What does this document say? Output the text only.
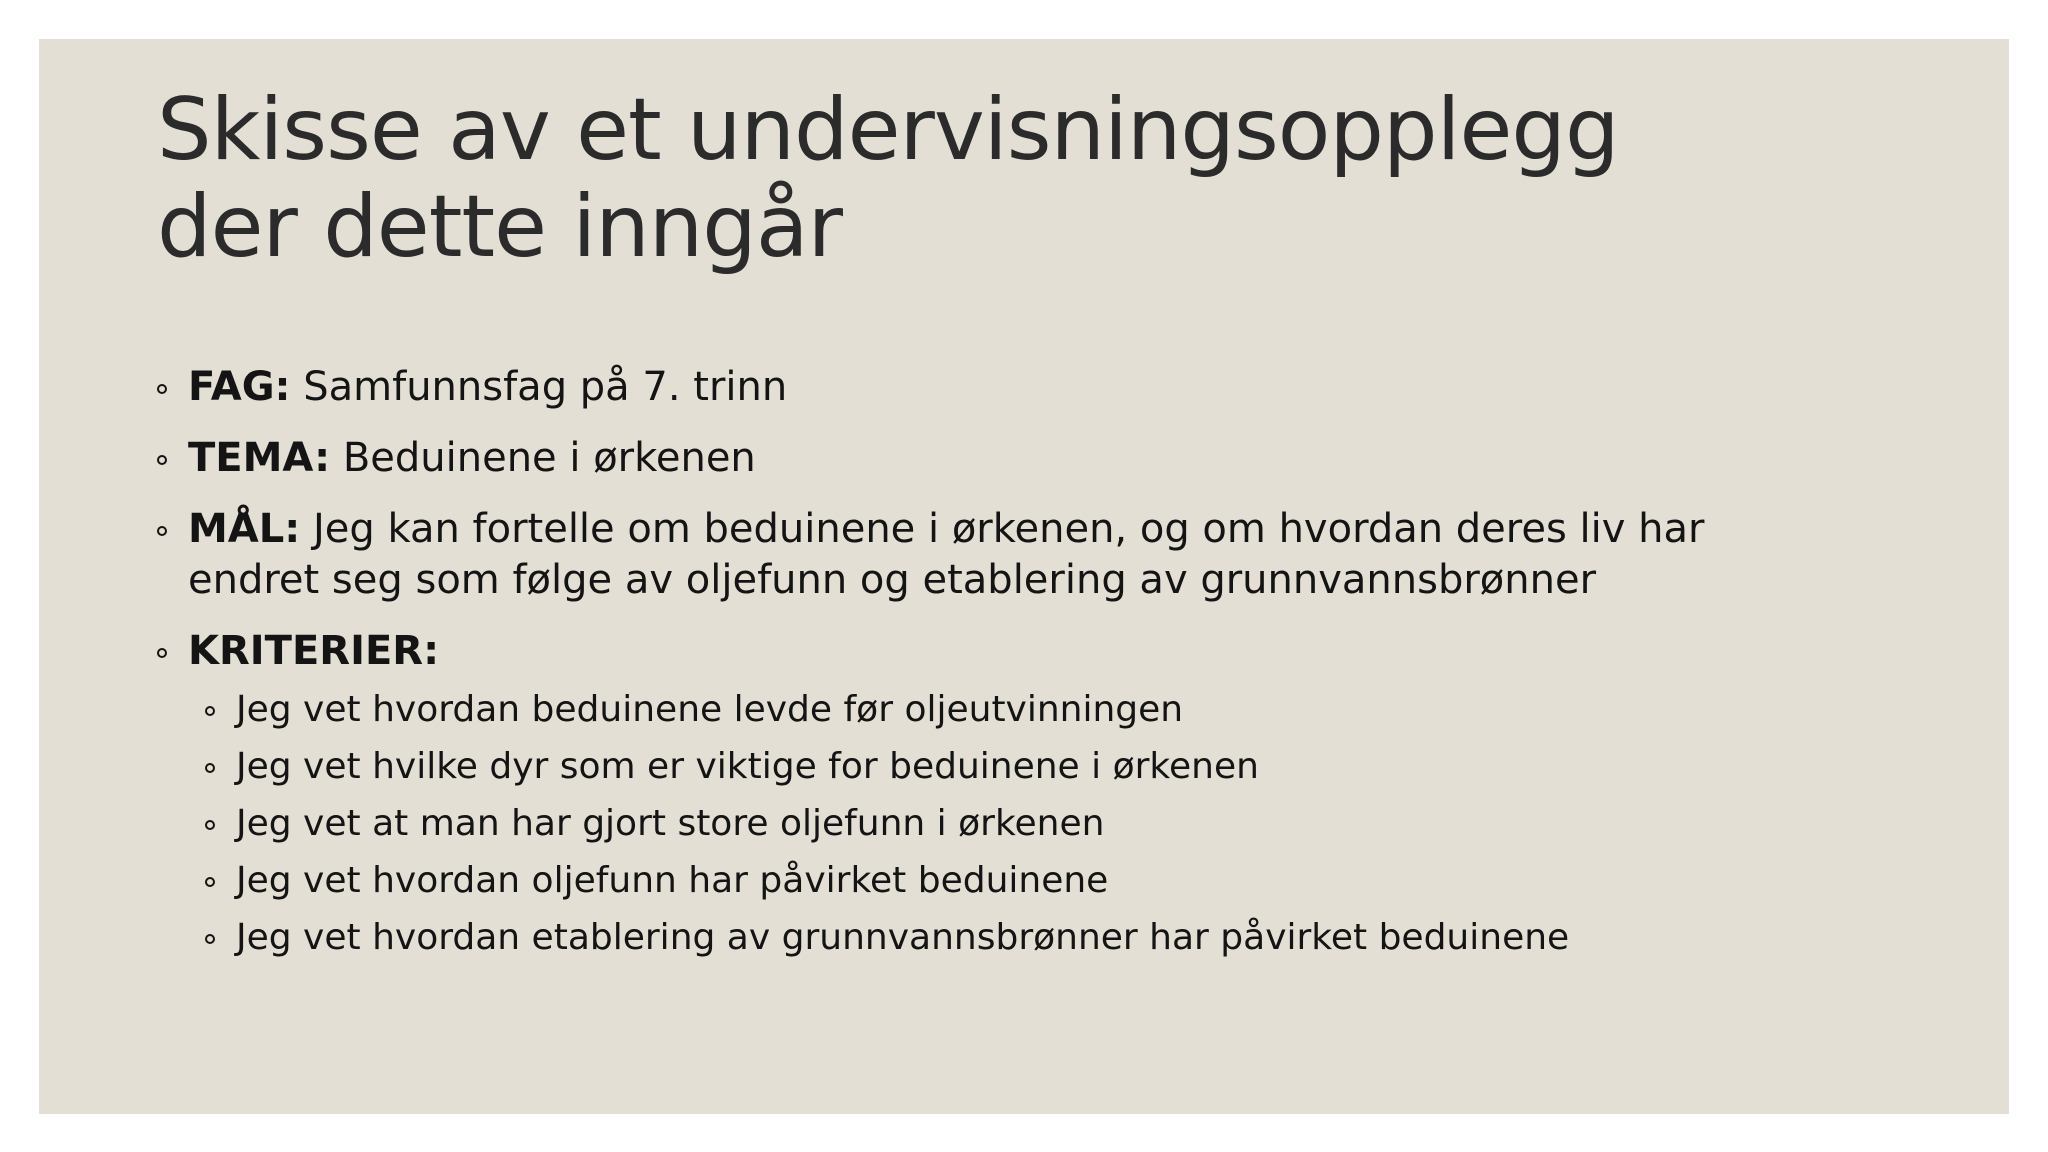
Skisse av et undervisningsopplegg
der dette inngår
FAG: Samfunnsfag på 7. trinn
TEMA: Beduinene i ørkenen
MÅL: Jeg kan fortelle om beduinene i ørkenen, og om hvordan deres liv har
endret seg som følge av oljefunn og etablering av grunnvannsbrønner
KRITERIER:
Jeg vet hvordan beduinene levde før oljeutvinningen
Jeg vet hvilke dyr som er viktige for beduinene i ørkenen
Jeg vet at man har gjort store oljefunn i ørkenen
Jeg vet hvordan oljefunn har påvirket beduinene
Jeg vet hvordan etablering av grunnvannsbrønner har påvirket beduinene
